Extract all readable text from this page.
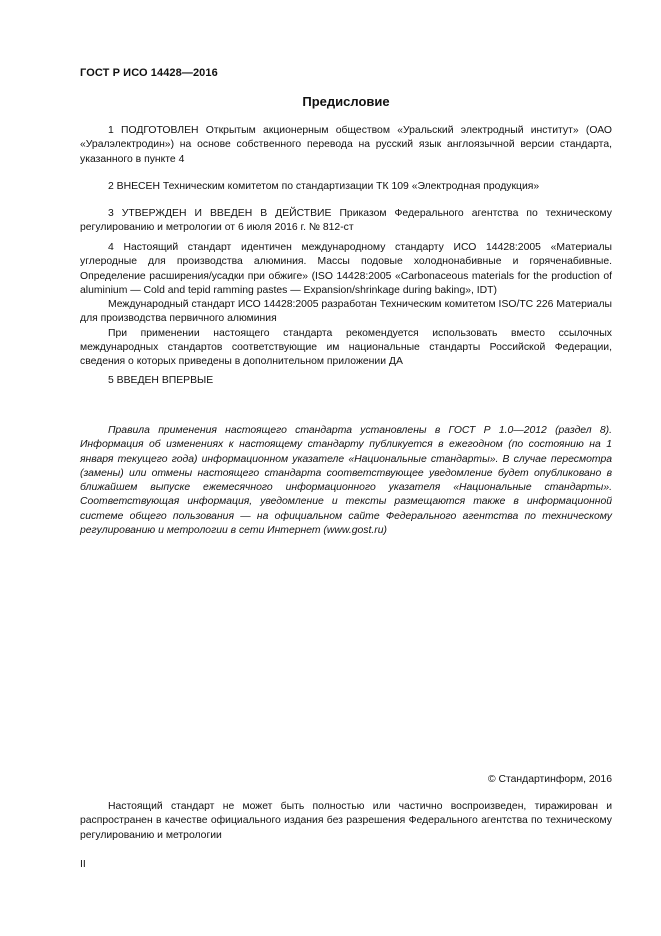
ГОСТ Р ИСО 14428—2016
Предисловие

1 ПОДГОТОВЛЕН Открытым акционерным обществом «Уральский электродный институт» (ОАО «Уралэлектродин») на основе собственного перевода на русский язык англоязычной версии стандарта, указанного в пункте 4

2 ВНЕСЕН Техническим комитетом по стандартизации ТК 109 «Электродная продукция»

3 УТВЕРЖДЕН И ВВЕДЕН В ДЕЙСТВИЕ Приказом Федерального агентства по техническому регулированию и метрологии от 6 июля 2016 г. № 812-ст

4 Настоящий стандарт идентичен международному стандарту ИСО 14428:2005 «Материалы углеродные для производства алюминия. Массы подовые холоднонабивные и горяченабивные. Определение расширения/усадки при обжиге» (ISO 14428:2005 «Carbonaceous materials for the production of aluminium — Cold and tepid ramming pastes — Expansion/shrinkage during baking», IDT)

Международный стандарт ИСО 14428:2005 разработан Техническим комитетом ISO/TC 226 Материалы для производства первичного алюминия

При применении настоящего стандарта рекомендуется использовать вместо ссылочных международных стандартов соответствующие им национальные стандарты Российской Федерации, сведения о которых приведены в дополнительном приложении ДА

5 ВВЕДЕН ВПЕРВЫЕ

Правила применения настоящего стандарта установлены в ГОСТ Р 1.0—2012 (раздел 8). Информация об изменениях к настоящему стандарту публикуется в ежегодном (по состоянию на 1 января текущего года) информационном указателе «Национальные стандарты». В случае пересмотра (замены) или отмены настоящего стандарта соответствующее уведомление будет опубликовано в ближайшем выпуске ежемесячного информационного указателя «Национальные стандарты». Соответствующая информация, уведомление и тексты размещаются также в информационной системе общего пользования — на официальном сайте Федерального агентства по техническому регулированию и метрологии в сети Интернет (www.gost.ru)

© Стандартинформ, 2016

Настоящий стандарт не может быть полностью или частично воспроизведен, тиражирован и распространен в качестве официального издания без разрешения Федерального агентства по техническому регулированию и метрологии

II
